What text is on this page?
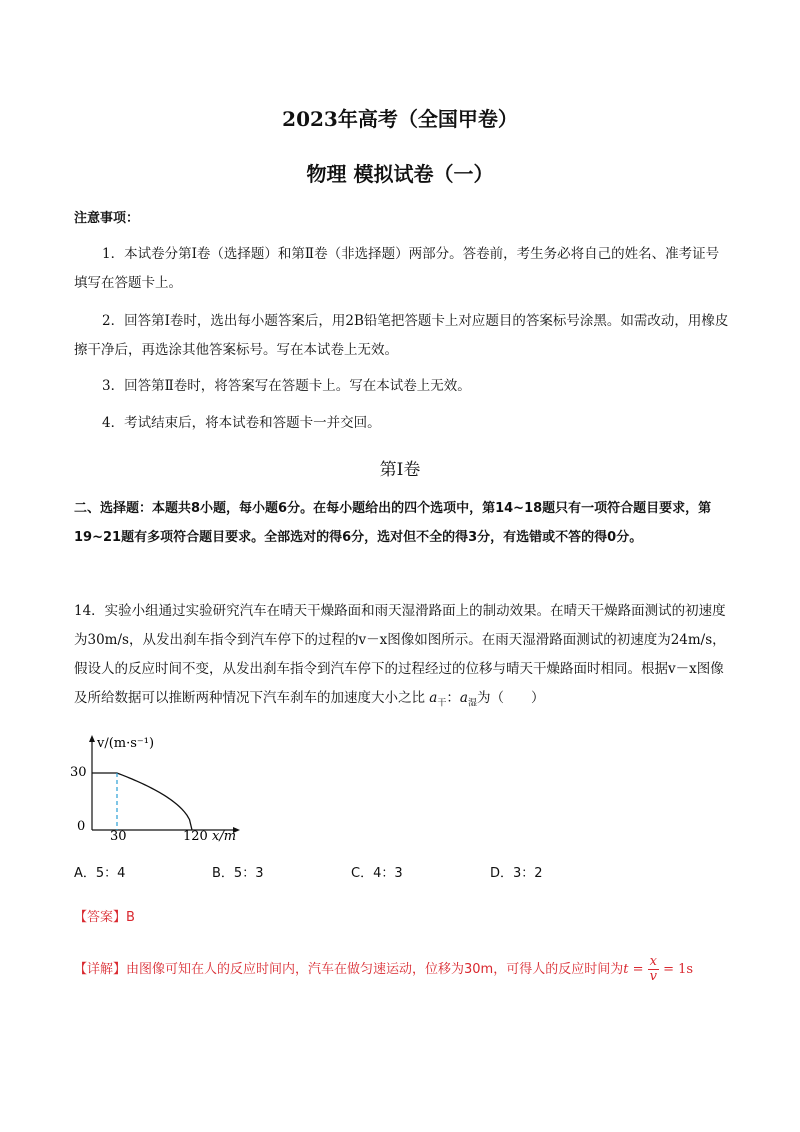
2023年高考（全国甲卷）
物理 模拟试卷（一）
注意事项：
1．本试卷分第Ⅰ卷（选择题）和第Ⅱ卷（非选择题）两部分。答卷前，考生务必将自己的姓名、准考证号填写在答题卡上。
2．回答第Ⅰ卷时，选出每小题答案后，用2B铅笔把答题卡上对应题目的答案标号涂黑。如需改动，用橡皮擦干净后，再选涂其他答案标号。写在本试卷上无效。
3．回答第Ⅱ卷时，将答案写在答题卡上。写在本试卷上无效。
4．考试结束后，将本试卷和答题卡一并交回。
第Ⅰ卷
二、选择题：本题共8小题，每小题6分。在每小题给出的四个选项中，第14~18题只有一项符合题目要求，第19~21题有多项符合题目要求。全部选对的得6分，选对但不全的得3分，有选错或不答的得0分。
14．实验小组通过实验研究汽车在晴天干燥路面和雨天湿滑路面上的制动效果。在晴天干燥路面测试的初速度为30m/s，从发出刹车指令到汽车停下的过程的v－x图像如图所示。在雨天湿滑路面测试的初速度为24m/s，假设人的反应时间不变，从发出刹车指令到汽车停下的过程经过的位移与晴天干燥路面时相同。根据v－x图像及所给数据可以推断两种情况下汽车刹车的加速度大小之比 $a_干$：$a_湿$为（　　）
v/(m·s⁻¹)
30
0
30	120 x/m
A．5：4	B．5：3	C．4：3	D．3：2
【答案】B
【详解】由图像可知在人的反应时间内，汽车在做匀速运动，位移为30m，可得人的反应时间为$t = \frac{x}{v} = 1s$
